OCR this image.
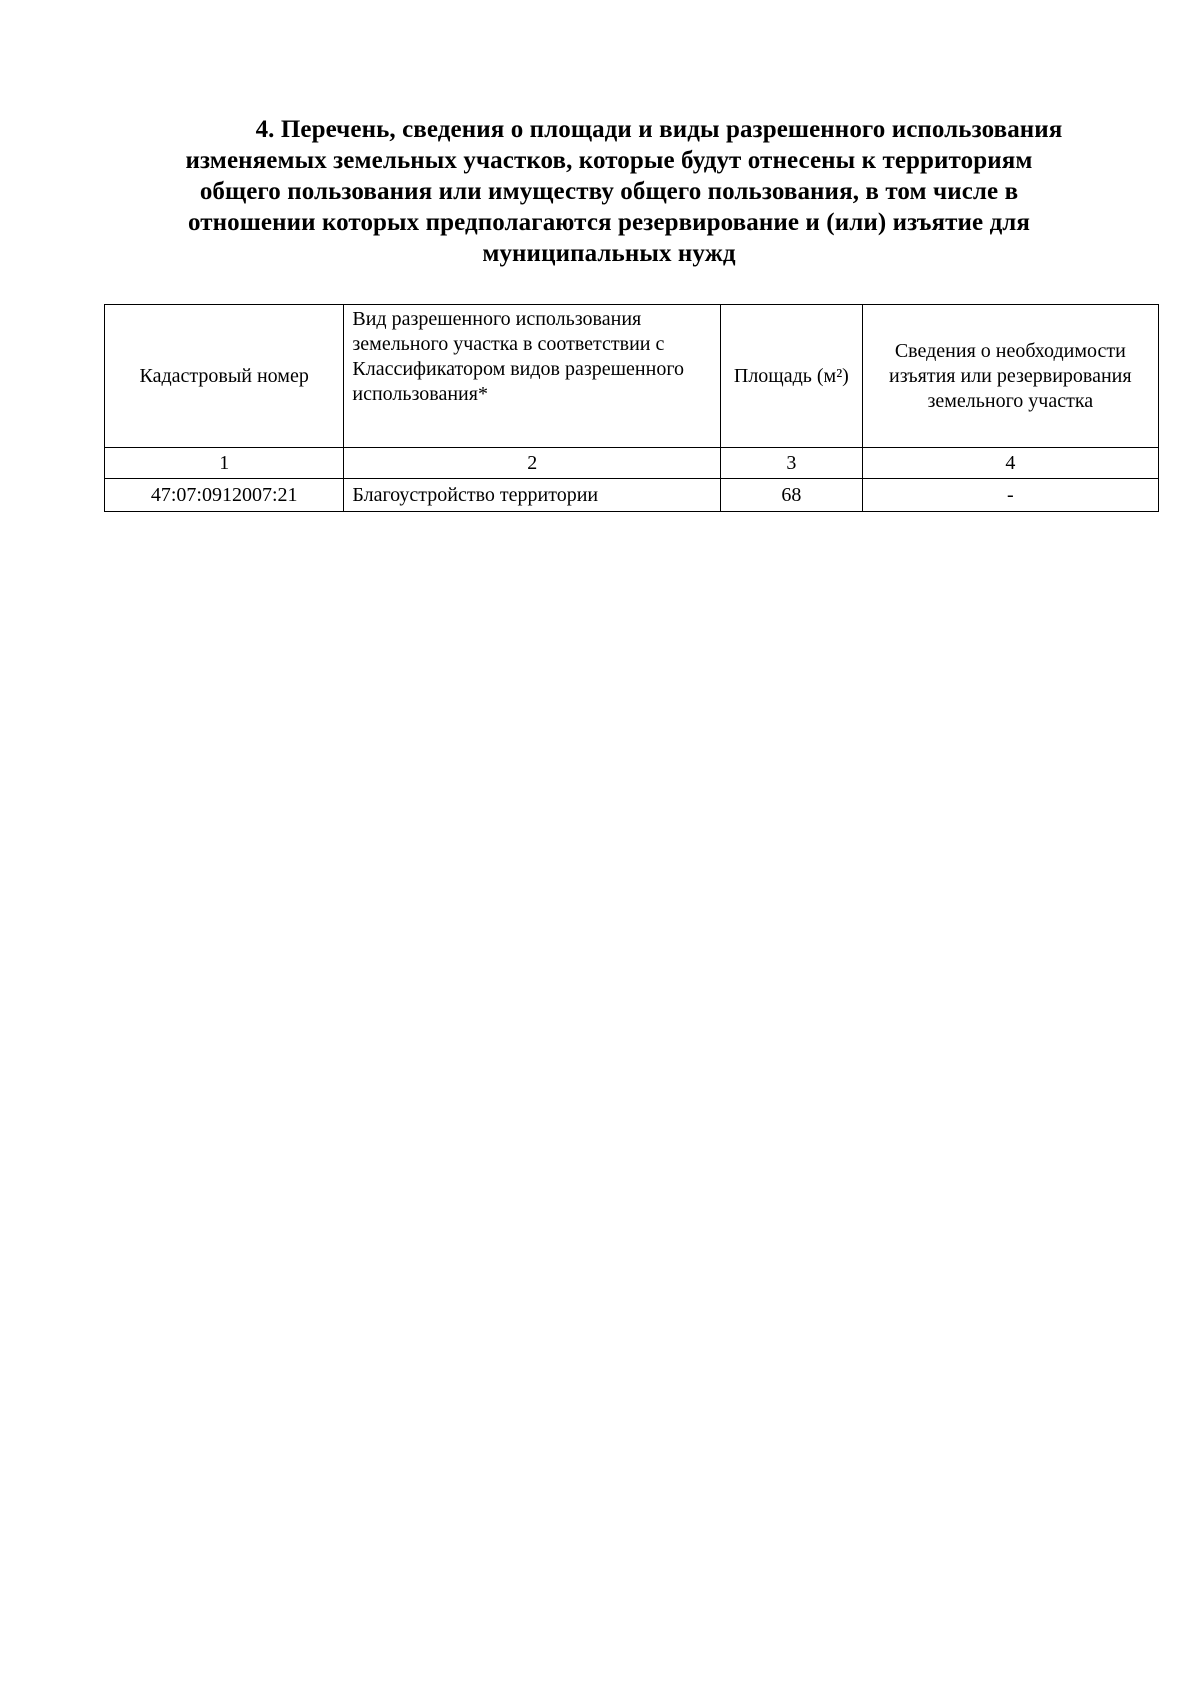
4. Перечень, сведения о площади и виды разрешенного использования
изменяемых земельных участков, которые будут отнесены к территориям
общего пользования или имуществу общего пользования, в том числе в
отношении которых предполагаются резервирование и (или) изъятие для
муниципальных нужд
Кадастровый номер	Вид разрешенного использования земельного участка в соответствии с Классификатором видов разрешенного использования*	Площадь (м²)	Сведения о необходимости изъятия или резервирования земельного участка
1	2	3	4
47:07:0912007:21	Благоустройство территории	68	-
